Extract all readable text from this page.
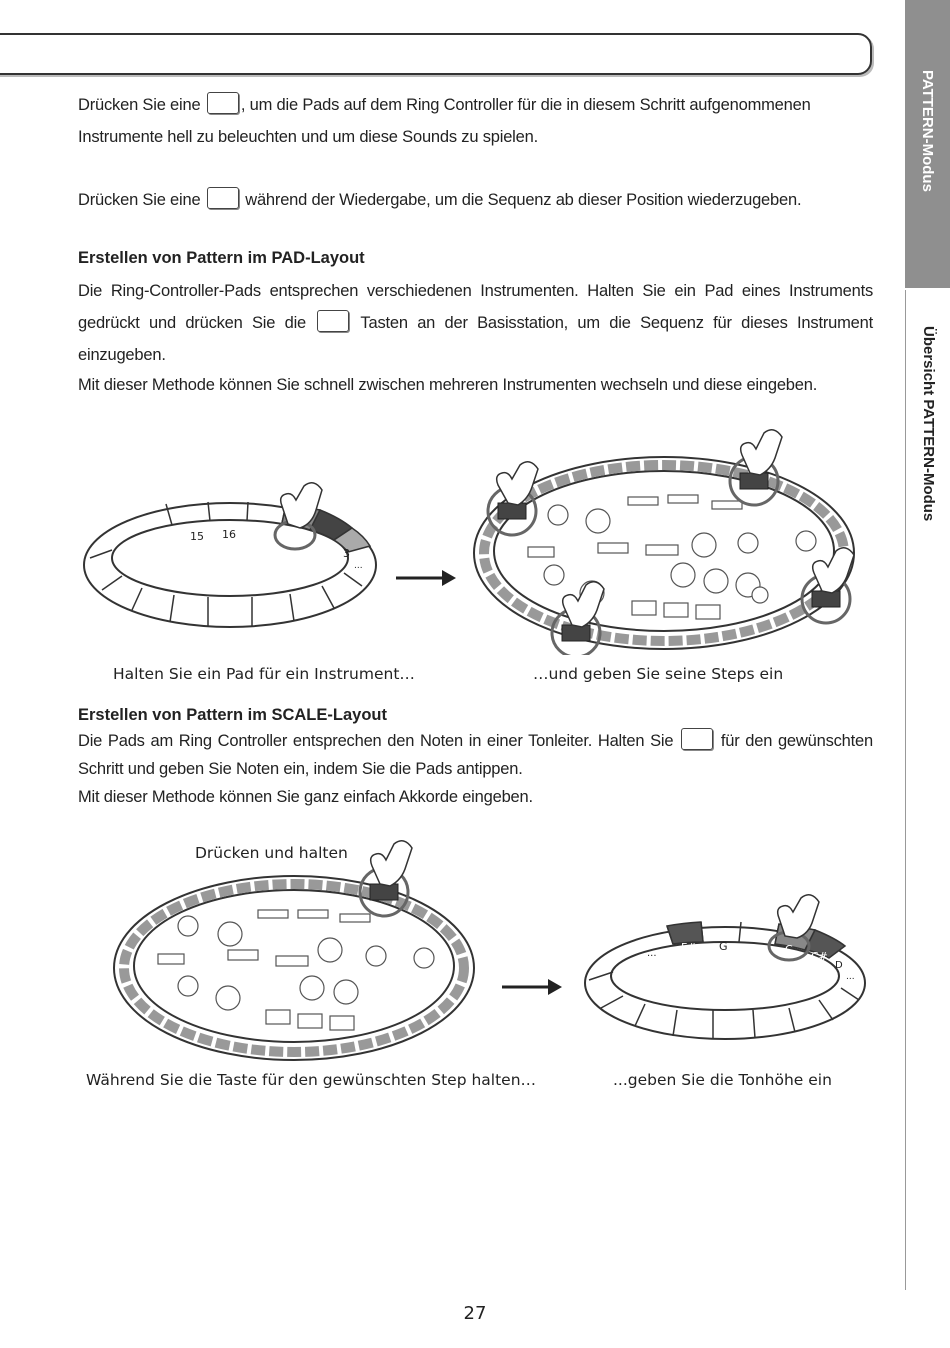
PATTERN-Modus
Übersicht PATTERN-Modus
Drücken Sie eine , um die Pads auf dem Ring Controller für die in diesem Schritt aufgenommenen Instrumente hell zu beleuchten und um diese Sounds zu spielen.
Drücken Sie eine  während der Wiedergabe, um die Sequenz ab dieser Position wiederzugeben.
Erstellen von Pattern im PAD-Layout
Die Ring-Controller-Pads entsprechen verschiedenen Instrumenten. Halten Sie ein Pad eines Instruments gedrückt und drücken Sie die  Tasten an der Basisstation, um die Sequenz für dieses Instrument einzugeben.
Mit dieser Methode können Sie schnell zwischen mehreren Instrumenten wechseln und diese eingeben.
15 16	1
2
3
...
Halten Sie ein Pad für ein Instrument…	…und geben Sie seine Steps ein
Erstellen von Pattern im SCALE-Layout
Die Pads am Ring Controller entsprechen den Noten in einer Tonleiter. Halten Sie  für den gewünschten Schritt und geben Sie Noten ein, indem Sie die Pads antippen.
Mit dieser Methode können Sie ganz einfach Akkorde eingeben.
Drücken und halten
... F# G	C
C#
D
...
Während Sie die Taste für den gewünschten Step halten…	...geben Sie die Tonhöhe ein
27
